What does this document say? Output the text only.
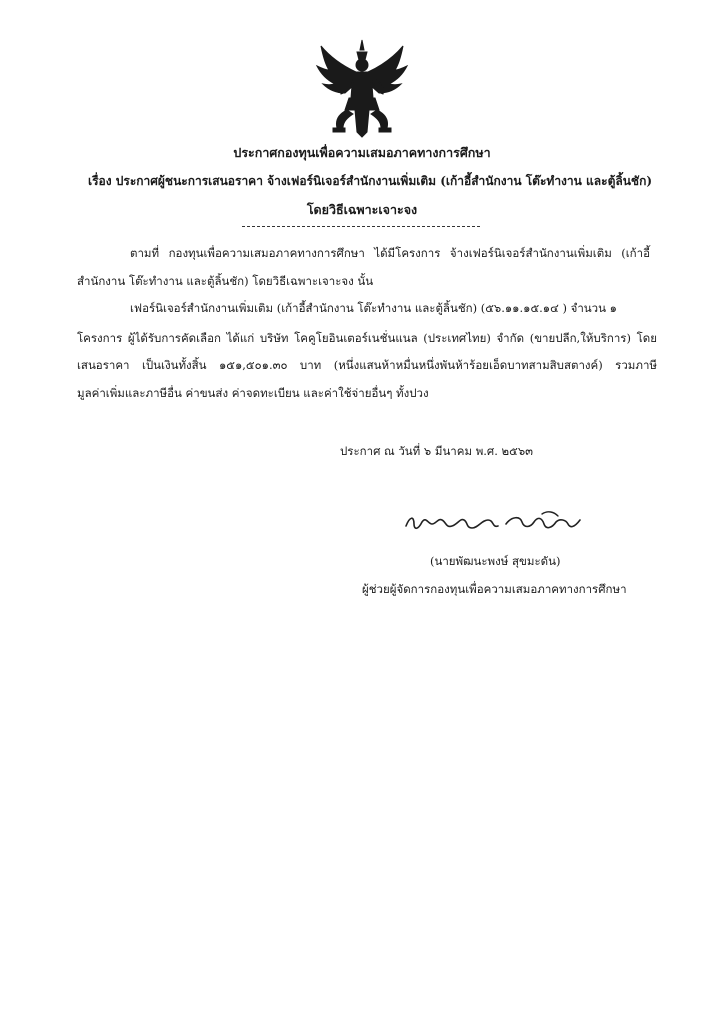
ประกาศกองทุนเพื่อความเสมอภาคทางการศึกษา
เรื่อง ประกาศผู้ชนะการเสนอราคา จ้างเฟอร์นิเจอร์สำนักงานเพิ่มเติม (เก้าอี้สำนักงาน โต๊ะทำงาน และตู้ลิ้นชัก)
โดยวิธีเฉพาะเจาะจง
ตามที่ กองทุนเพื่อความเสมอภาคทางการศึกษา ได้มีโครงการ จ้างเฟอร์นิเจอร์สำนักงานเพิ่มเติม (เก้าอี้
สำนักงาน โต๊ะทำงาน และตู้ลิ้นชัก) โดยวิธีเฉพาะเจาะจง นั้น
เฟอร์นิเจอร์สำนักงานเพิ่มเติม (เก้าอี้สำนักงาน โต๊ะทำงาน และตู้ลิ้นชัก) (๕๖.๑๑.๑๕.๑๔ ) จำนวน ๑
โครงการ ผู้ได้รับการคัดเลือก ได้แก่ บริษัท โคคูโยอินเตอร์เนชั่นแนล (ประเทศไทย) จำกัด (ขายปลีก,ให้บริการ) โดย
เสนอราคา เป็นเงินทั้งสิ้น ๑๕๑,๕๐๑.๓๐ บาท (หนึ่งแสนห้าหมื่นหนึ่งพันห้าร้อยเอ็ดบาทสามสิบสตางค์) รวมภาษี
มูลค่าเพิ่มและภาษีอื่น ค่าขนส่ง ค่าจดทะเบียน และค่าใช้จ่ายอื่นๆ ทั้งปวง
ประกาศ ณ วันที่ ๖ มีนาคม พ.ศ. ๒๕๖๓
(นายพัฒนะพงษ์ สุขมะดัน)
ผู้ช่วยผู้จัดการกองทุนเพื่อความเสมอภาคทางการศึกษา
